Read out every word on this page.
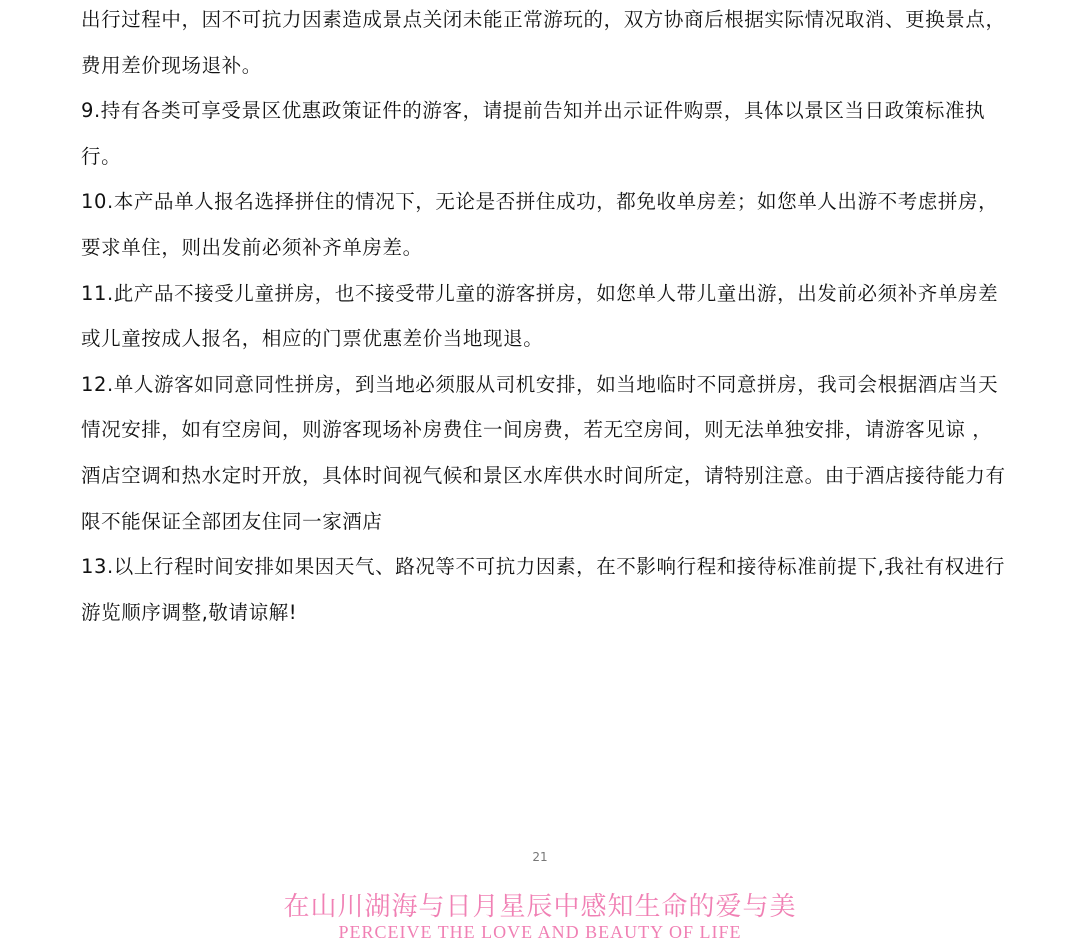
出行过程中，因不可抗力因素造成景点关闭未能正常游玩的，双方协商后根据实际情况取消、更换景点，费用差价现场退补。

9.持有各类可享受景区优惠政策证件的游客，请提前告知并出示证件购票，具体以景区当日政策标准执行。

10.本产品单人报名选择拼住的情况下，无论是否拼住成功，都免收单房差；如您单人出游不考虑拼房，要求单住，则出发前必须补齐单房差。

11.此产品不接受儿童拼房，也不接受带儿童的游客拼房，如您单人带儿童出游，出发前必须补齐单房差或儿童按成人报名，相应的门票优惠差价当地现退。

12.单人游客如同意同性拼房，到当地必须服从司机安排，如当地临时不同意拼房，我司会根据酒店当天情况安排，如有空房间，则游客现场补房费住一间房费，若无空房间，则无法单独安排，请游客见谅 ，酒店空调和热水定时开放，具体时间视气候和景区水库供水时间所定，请特别注意。由于酒店接待能力有限不能保证全部团友住同一家酒店

13.以上行程时间安排如果因天气、路况等不可抗力因素，在不影响行程和接待标准前提下,我社有权进行游览顺序调整,敬请谅解!

21
在山川湖海与日月星辰中感知生命的爱与美
PERCEIVE THE LOVE AND BEAUTY OF LIFE
